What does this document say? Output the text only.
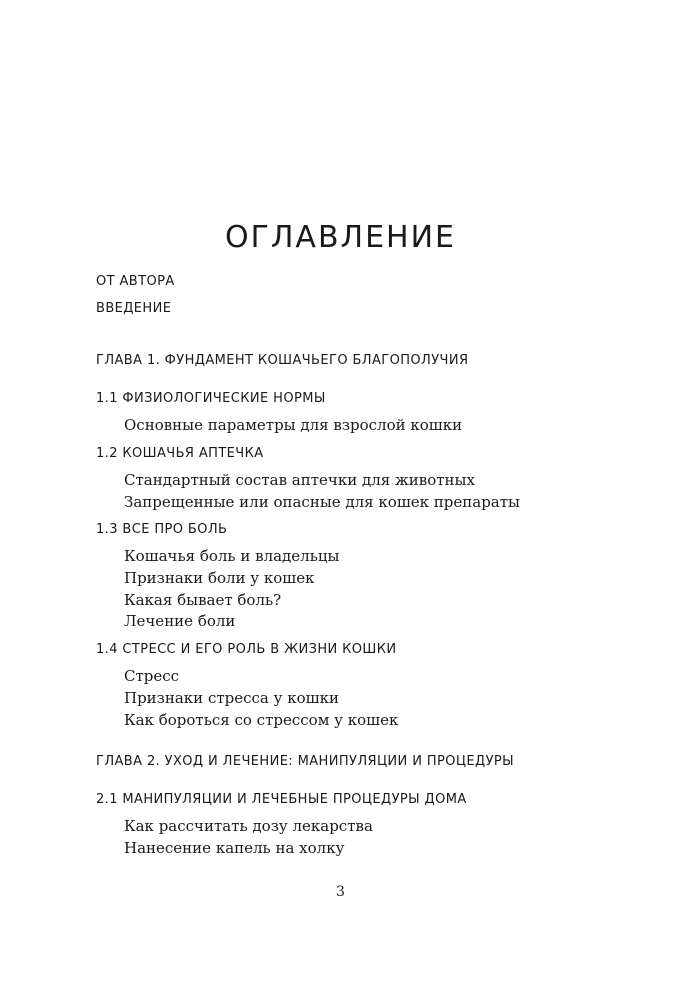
ОГЛАВЛЕНИЕ
ОТ АВТОРА
ВВЕДЕНИЕ
ГЛАВА 1. ФУНДАМЕНТ КОШАЧЬЕГО БЛАГОПОЛУЧИЯ
1.1 ФИЗИОЛОГИЧЕСКИЕ НОРМЫ
Основные параметры для взрослой кошки
1.2 КОШАЧЬЯ АПТЕЧКА
Стандартный состав аптечки для животных
Запрещенные или опасные для кошек препараты
1.3 ВСЕ ПРО БОЛЬ
Кошачья боль и владельцы
Признаки боли у кошек
Какая бывает боль?
Лечение боли
1.4 СТРЕСС И ЕГО РОЛЬ В ЖИЗНИ КОШКИ
Стресс
Признаки стресса у кошки
Как бороться со стрессом у кошек
ГЛАВА 2. УХОД И ЛЕЧЕНИЕ: МАНИПУЛЯЦИИ И ПРОЦЕДУРЫ
2.1 МАНИПУЛЯЦИИ И ЛЕЧЕБНЫЕ ПРОЦЕДУРЫ ДОМА
Как рассчитать дозу лекарства
Нанесение капель на холку
3
